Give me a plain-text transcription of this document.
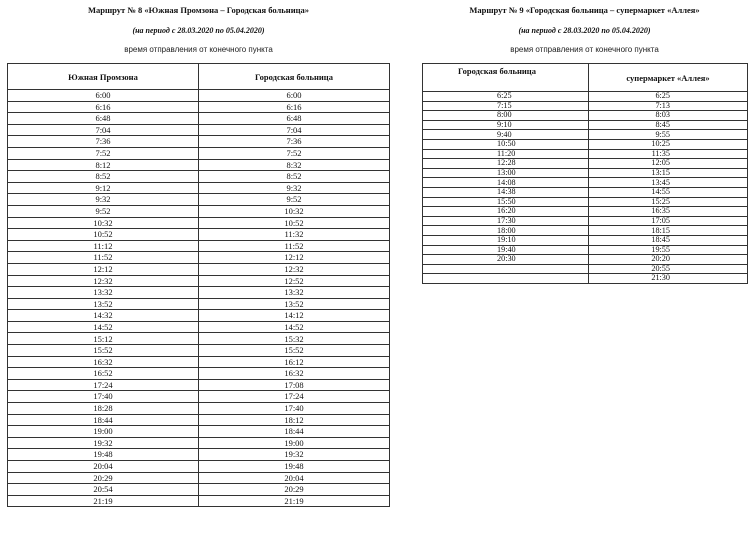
Маршрут № 8 «Южная Промзона – Городская больница»
(на период с 28.03.2020 по 05.04.2020)
время отправления от конечного пункта
Маршрут № 9 «Городская больница – супермаркет «Аллея»
(на период с 28.03.2020 по 05.04.2020)
время отправления от конечного пункта
Южная Промзона	Городская больница
6:00	6:00
6:16	6:16
6:48	6:48
7:04	7:04
7:36	7:36
7:52	7:52
8:12	8:32
8:52	8:52
9:12	9:32
9:32	9:52
9:52	10:32
10:32	10:52
10:52	11:32
11:12	11:52
11:52	12:12
12:12	12:32
12:32	12:52
13:32	13:32
13:52	13:52
14:32	14:12
14:52	14:52
15:12	15:32
15:52	15:52
16:32	16:12
16:52	16:32
17:24	17:08
17:40	17:24
18:28	17:40
18:44	18:12
19:00	18:44
19:32	19:00
19:48	19:32
20:04	19:48
20:29	20:04
20:54	20:29
21:19	21:19
Городская больница	супермаркет «Аллея»
6:25	6:25
7:15	7:13
8:00	8:03
9:10	8:45
9:40	9:55
10:50	10:25
11:20	11:35
12:28	12:05
13:00	13:15
14:08	13:45
14:38	14:55
15:50	15:25
16:20	16:35
17:30	17:05
18:00	18:15
19:10	18:45
19:40	19:55
20:30	20:20
	20:55
	21:30
